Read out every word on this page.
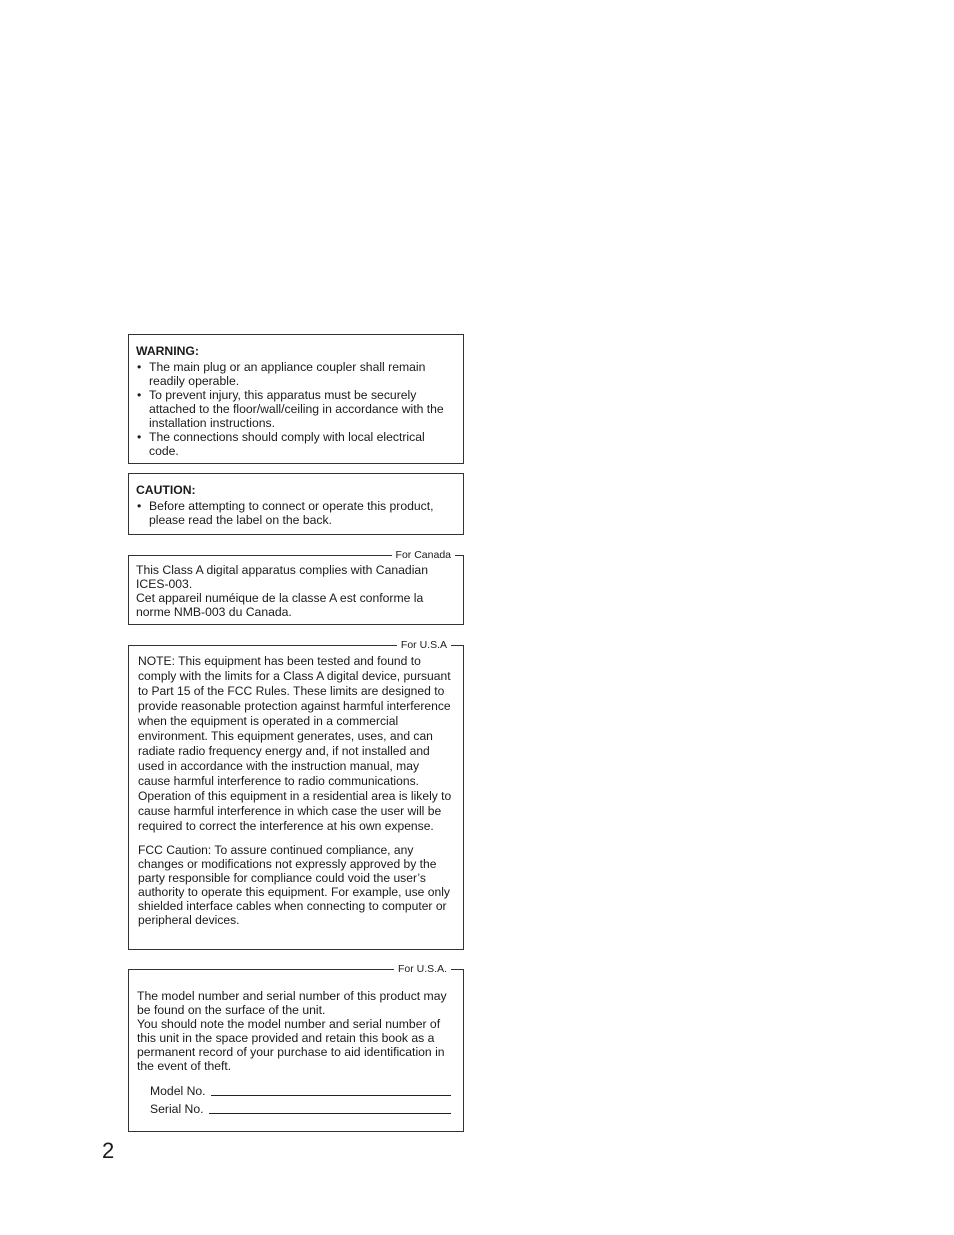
WARNING:

• The main plug or an appliance coupler shall remain readily operable.
• To prevent injury, this apparatus must be securely attached to the floor/wall/ceiling in accordance with the installation instructions.
• The connections should comply with local electrical code.

CAUTION:

• Before attempting to connect or operate this product, please read the label on the back.
For Canada

This Class A digital apparatus complies with Canadian ICES-003.

Cet appareil numéique de la classe A est conforme la norme NMB-003 du Canada.

For U.S.A

NOTE: This equipment has been tested and found to comply with the limits for a Class A digital device, pursuant to Part 15 of the FCC Rules. These limits are designed to provide reasonable protection against harmful interference when the equipment is operated in a commercial environment. This equipment generates, uses, and can radiate radio frequency energy and, if not installed and used in accordance with the instruction manual, may cause harmful interference to radio communications. Operation of this equipment in a residential area is likely to cause harmful interference in which case the user will be required to correct the interference at his own expense.

FCC Caution: To assure continued compliance, any changes or modifications not expressly approved by the party responsible for compliance could void the user’s authority to operate this equipment. For example, use only shielded interface cables when connecting to computer or peripheral devices.

For U.S.A.

The model number and serial number of this product may be found on the surface of the unit.

You should note the model number and serial number of this unit in the space provided and retain this book as a permanent record of your purchase to aid identification in the event of theft.

Model No.
Serial No.
2
